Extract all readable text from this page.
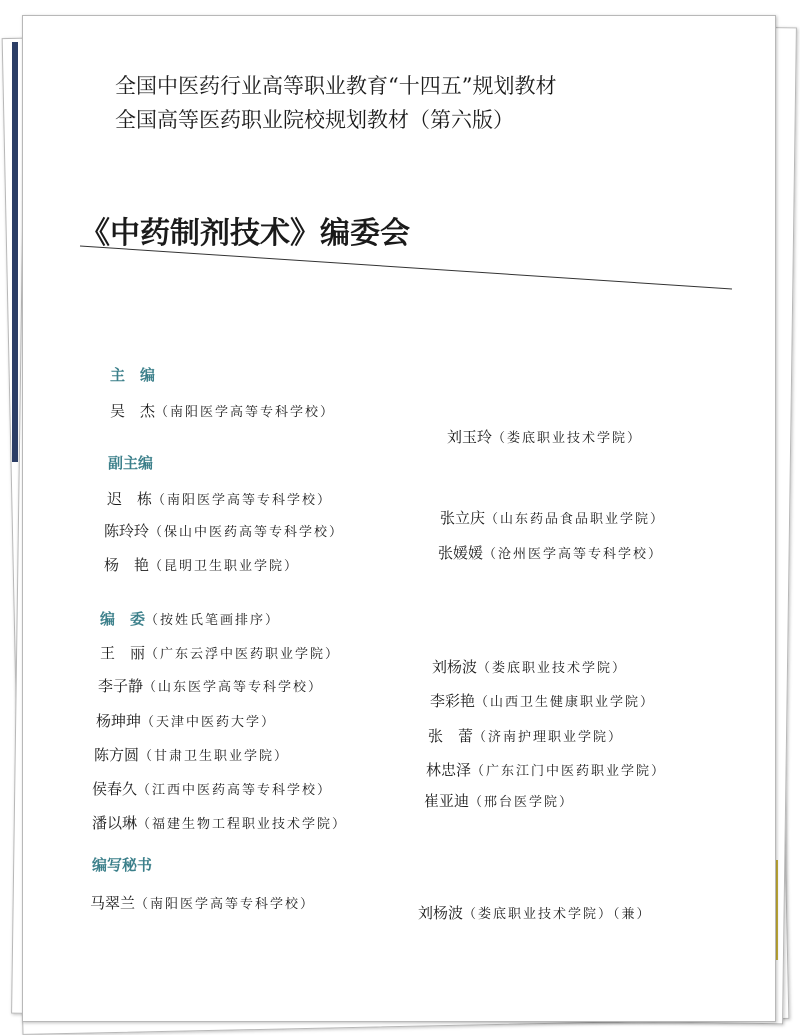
全国中医药行业高等职业教育“十四五”规划教材
全国高等医药职业院校规划教材（第六版）
《中药制剂技术》编委会
主　编
吴　杰（南阳医学高等专科学校）
刘玉玲（娄底职业技术学院）
副主编
迟　栋（南阳医学高等专科学校）
陈玲玲（保山中医药高等专科学校）
杨　艳（昆明卫生职业学院）
张立庆（山东药品食品职业学院）
张媛媛（沧州医学高等专科学校）
编　委（按姓氏笔画排序）
王　丽（广东云浮中医药职业学院）
李子静（山东医学高等专科学校）
杨珅珅（天津中医药大学）
陈方圆（甘肃卫生职业学院）
侯春久（江西中医药高等专科学校）
潘以琳（福建生物工程职业技术学院）
刘杨波（娄底职业技术学院）
李彩艳（山西卫生健康职业学院）
张　蕾（济南护理职业学院）
林忠泽（广东江门中医药职业学院）
崔亚迪（邢台医学院）
编写秘书
马翠兰（南阳医学高等专科学校）	刘杨波（娄底职业技术学院）（兼）
